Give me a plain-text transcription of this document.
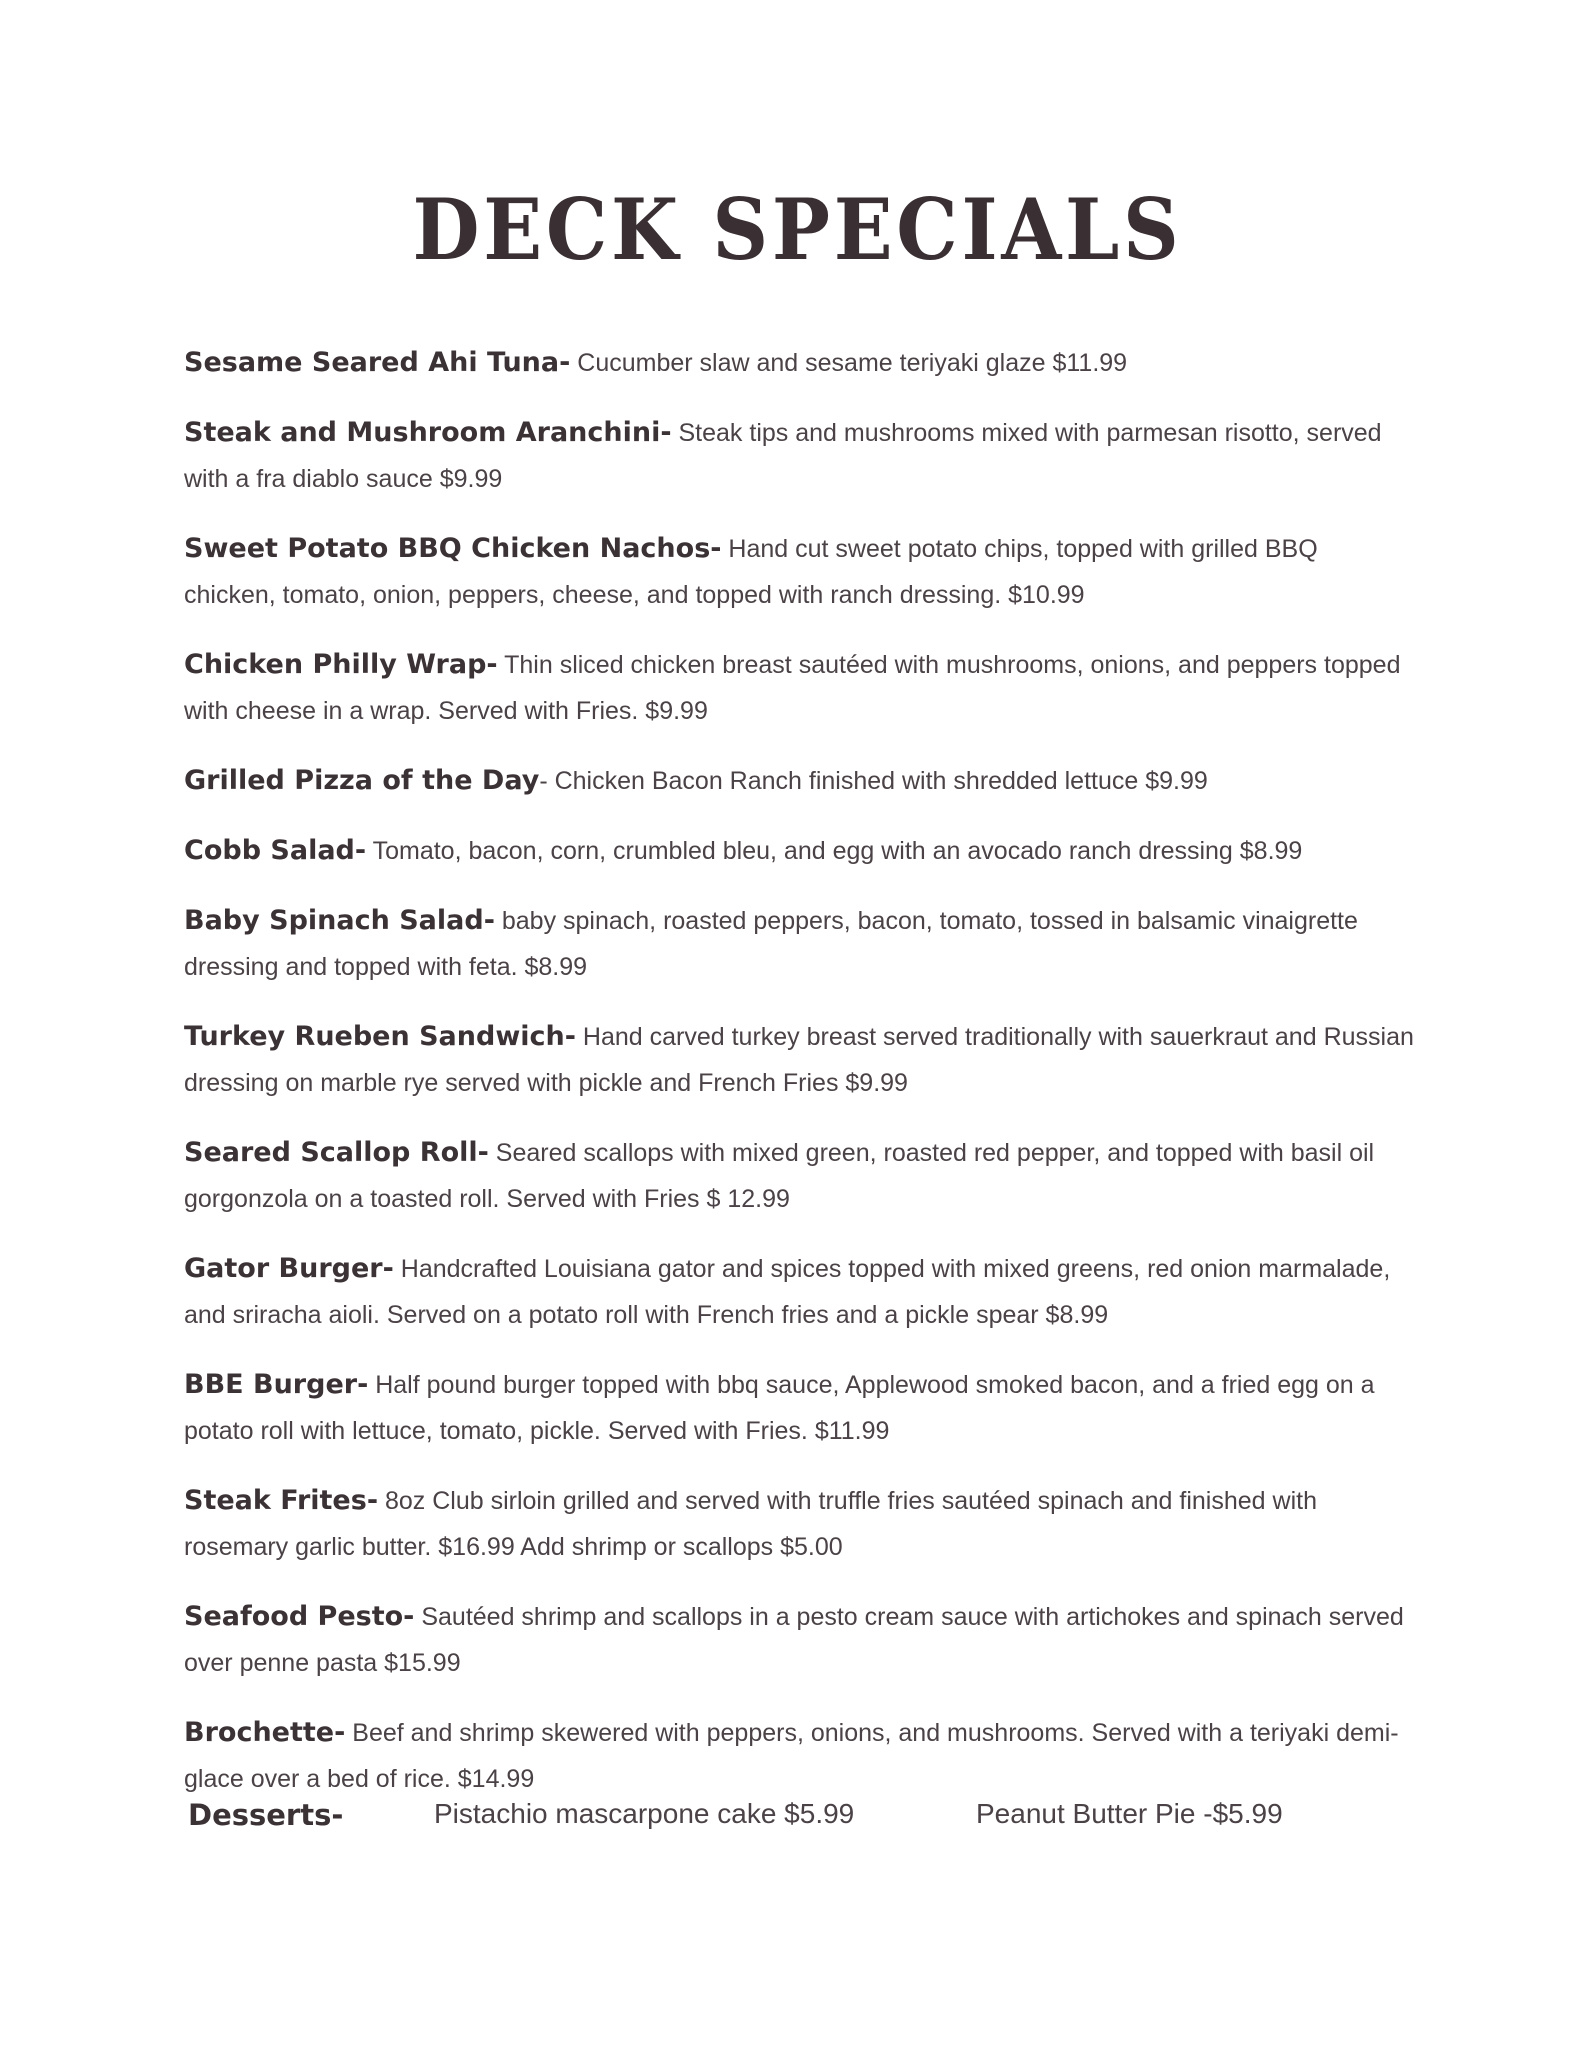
DECK SPECIALS

Sesame Seared Ahi Tuna- Cucumber slaw and sesame teriyaki glaze $11.99

Steak and Mushroom Aranchini- Steak tips and mushrooms mixed with parmesan risotto, served with a fra diablo sauce $9.99

Sweet Potato BBQ Chicken Nachos- Hand cut sweet potato chips, topped with grilled BBQ chicken, tomato, onion, peppers, cheese, and topped with ranch dressing. $10.99

Chicken Philly Wrap- Thin sliced chicken breast sautéed with mushrooms, onions, and peppers topped with cheese in a wrap. Served with Fries. $9.99

Grilled Pizza of the Day- Chicken Bacon Ranch finished with shredded lettuce $9.99

Cobb Salad- Tomato, bacon, corn, crumbled bleu, and egg with an avocado ranch dressing $8.99

Baby Spinach Salad- baby spinach, roasted peppers, bacon, tomato, tossed in balsamic vinaigrette dressing and topped with feta. $8.99

Turkey Rueben Sandwich- Hand carved turkey breast served traditionally with sauerkraut and Russian dressing on marble rye served with pickle and French Fries $9.99

Seared Scallop Roll- Seared scallops with mixed green, roasted red pepper, and topped with basil oil gorgonzola on a toasted roll. Served with Fries $ 12.99

Gator Burger- Handcrafted Louisiana gator and spices topped with mixed greens, red onion marmalade, and sriracha aioli. Served on a potato roll with French fries and a pickle spear $8.99

BBE Burger- Half pound burger topped with bbq sauce, Applewood smoked bacon, and a fried egg on a potato roll with lettuce, tomato, pickle. Served with Fries. $11.99

Steak Frites- 8oz Club sirloin grilled and served with truffle fries sautéed spinach and finished with rosemary garlic butter. $16.99 Add shrimp or scallops $5.00

Seafood Pesto- Sautéed shrimp and scallops in a pesto cream sauce with artichokes and spinach served over penne pasta $15.99

Brochette- Beef and shrimp skewered with peppers, onions, and mushrooms. Served with a teriyaki demi-glace over a bed of rice. $14.99

Desserts-	Pistachio mascarpone cake $5.99	Peanut Butter Pie -$5.99
